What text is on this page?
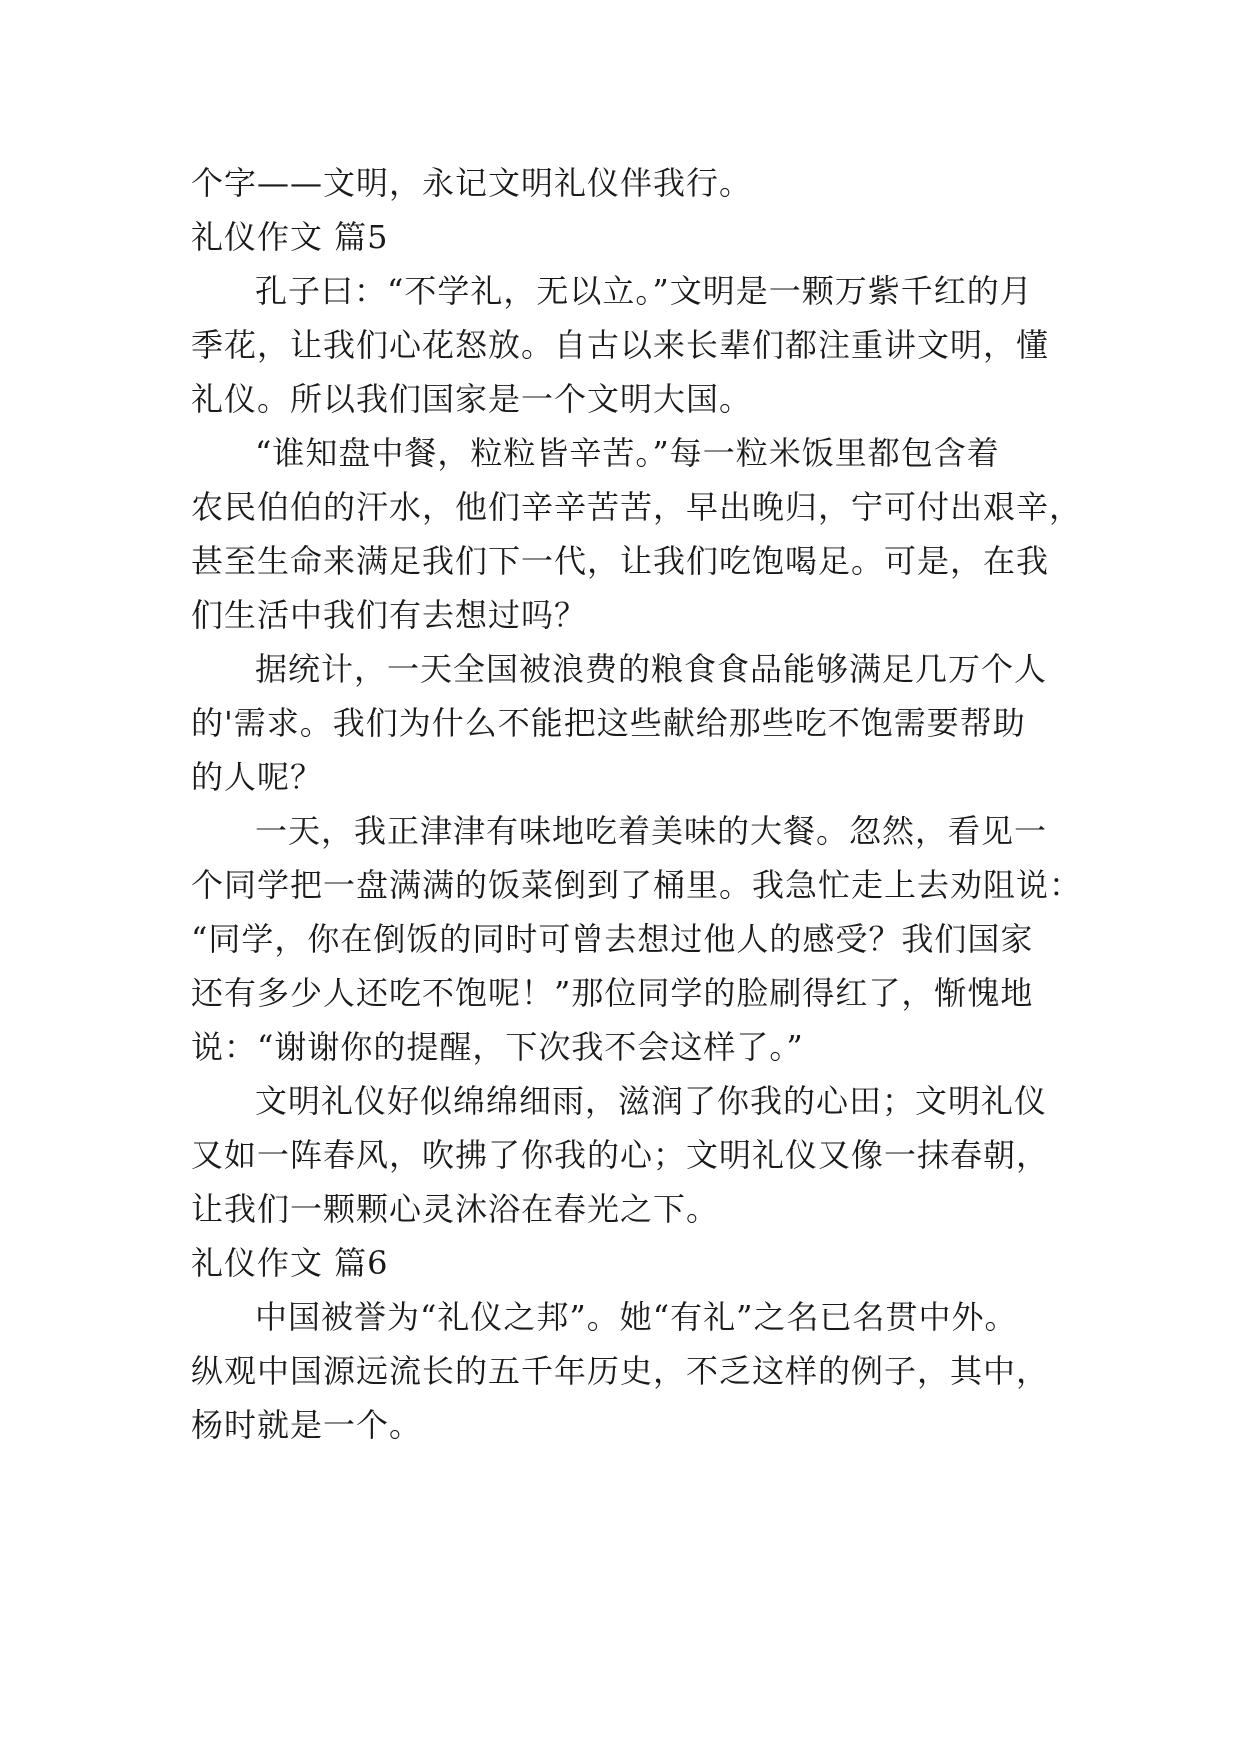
个字——文明，永记文明礼仪伴我行。
礼仪作文 篇5
孔子曰：“不学礼，无以立。”文明是一颗万紫千红的月
季花，让我们心花怒放。自古以来长辈们都注重讲文明，懂
礼仪。所以我们国家是一个文明大国。
“谁知盘中餐，粒粒皆辛苦。”每一粒米饭里都包含着
农民伯伯的汗水，他们辛辛苦苦，早出晚归，宁可付出艰辛，
甚至生命来满足我们下一代，让我们吃饱喝足。可是，在我
们生活中我们有去想过吗？
据统计，一天全国被浪费的粮食食品能够满足几万个人
的'需求。我们为什么不能把这些献给那些吃不饱需要帮助
的人呢？
一天，我正津津有味地吃着美味的大餐。忽然，看见一
个同学把一盘满满的饭菜倒到了桶里。我急忙走上去劝阻说：
“同学，你在倒饭的同时可曾去想过他人的感受？我们国家
还有多少人还吃不饱呢！”那位同学的脸刷得红了，惭愧地
说：“谢谢你的提醒，下次我不会这样了。”
文明礼仪好似绵绵细雨，滋润了你我的心田；文明礼仪
又如一阵春风，吹拂了你我的心；文明礼仪又像一抹春朝，
让我们一颗颗心灵沐浴在春光之下。
礼仪作文 篇6
中国被誉为“礼仪之邦”。她“有礼”之名已名贯中外。
纵观中国源远流长的五千年历史，不乏这样的例子，其中，
杨时就是一个。
